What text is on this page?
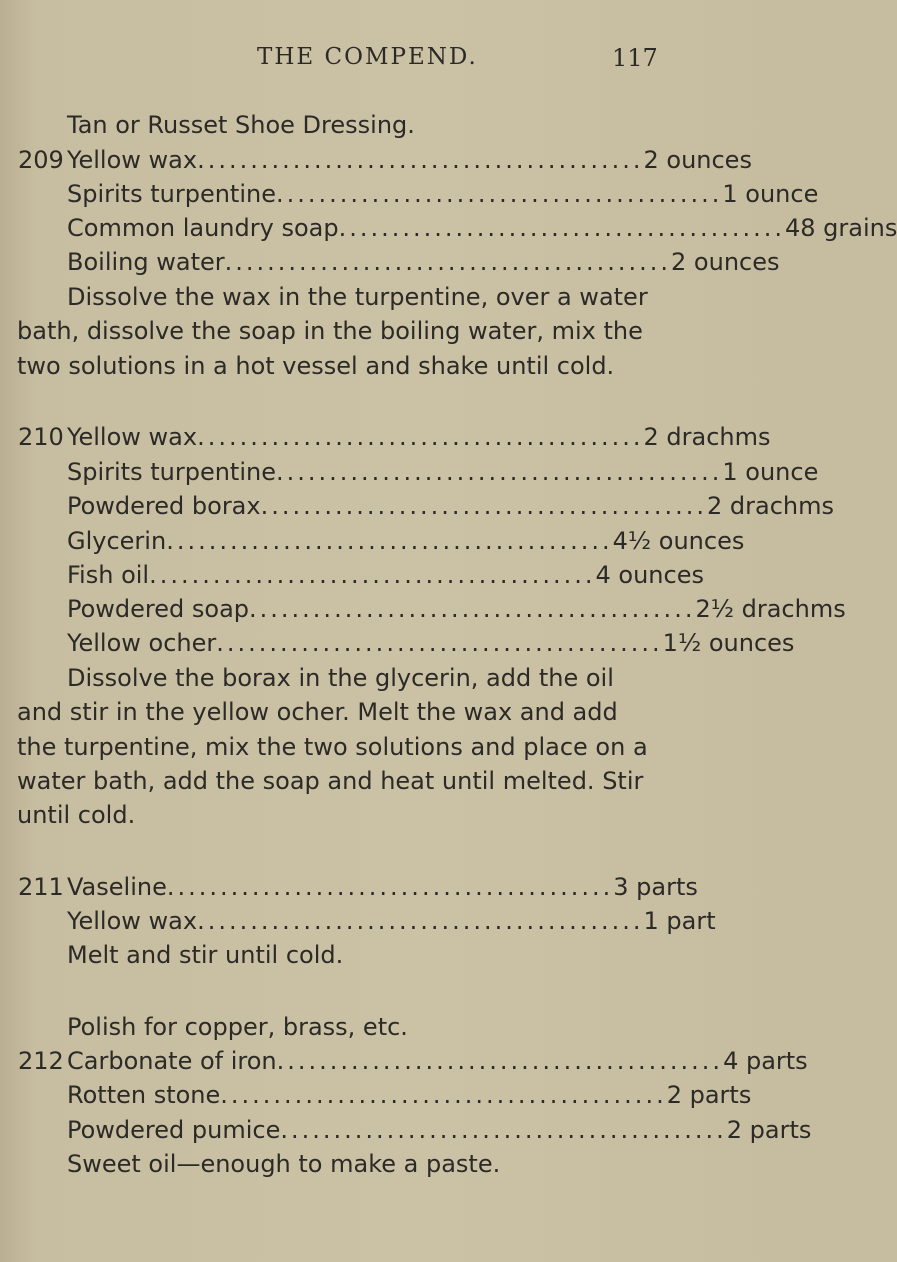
THE COMPEND.	117
Tan or Russet Shoe Dressing.
209 Yellow wax .......................................... 2 ounces
Spirits turpentine .......................................... 1 ounce
Common laundry soap .......................................... 48 grains
Boiling water .......................................... 2 ounces
Dissolve the wax in the turpentine, over a water
bath, dissolve the soap in the boiling water, mix the
two solutions in a hot vessel and shake until cold.
210 Yellow wax .......................................... 2 drachms
Spirits turpentine .......................................... 1 ounce
Powdered borax .......................................... 2 drachms
Glycerin .......................................... 4½ ounces
Fish oil .......................................... 4 ounces
Powdered soap .......................................... 2½ drachms
Yellow ocher .......................................... 1½ ounces
Dissolve the borax in the glycerin, add the oil
and stir in the yellow ocher. Melt the wax and add
the turpentine, mix the two solutions and place on a
water bath, add the soap and heat until melted. Stir
until cold.
211 Vaseline .......................................... 3 parts
Yellow wax .......................................... 1 part
Melt and stir until cold.
Polish for copper, brass, etc.
212 Carbonate of iron .......................................... 4 parts
Rotten stone .......................................... 2 parts
Powdered pumice .......................................... 2 parts
Sweet oil—enough to make a paste.
